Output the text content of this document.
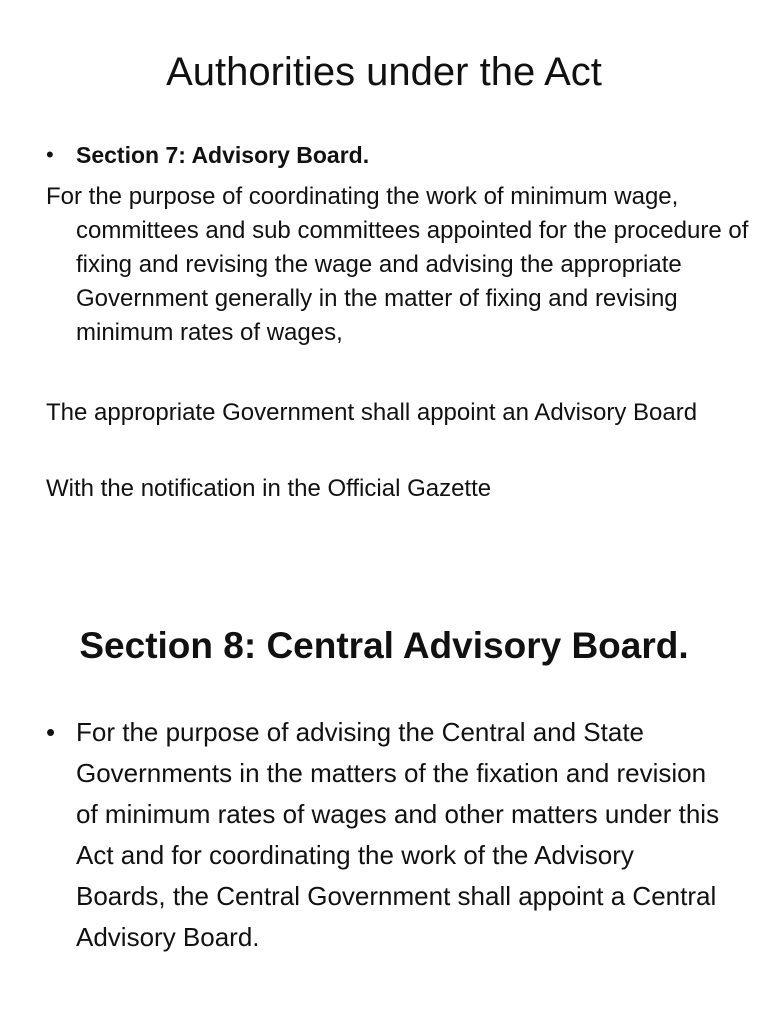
Authorities under the Act
• Section 7: Advisory Board.

For the purpose of coordinating the work of minimum wage, committees and sub committees appointed for the procedure of fixing and revising the wage and advising the appropriate Government generally in the matter of fixing and revising minimum rates of wages,

The appropriate Government shall appoint an Advisory Board

With the notification in the Official Gazette

Section 8: Central Advisory Board.
• For the purpose of advising the Central and State Governments in the matters of the fixation and revision of minimum rates of wages and other matters under this Act and for coordinating the work of the Advisory Boards, the Central Government shall appoint a Central Advisory Board.
